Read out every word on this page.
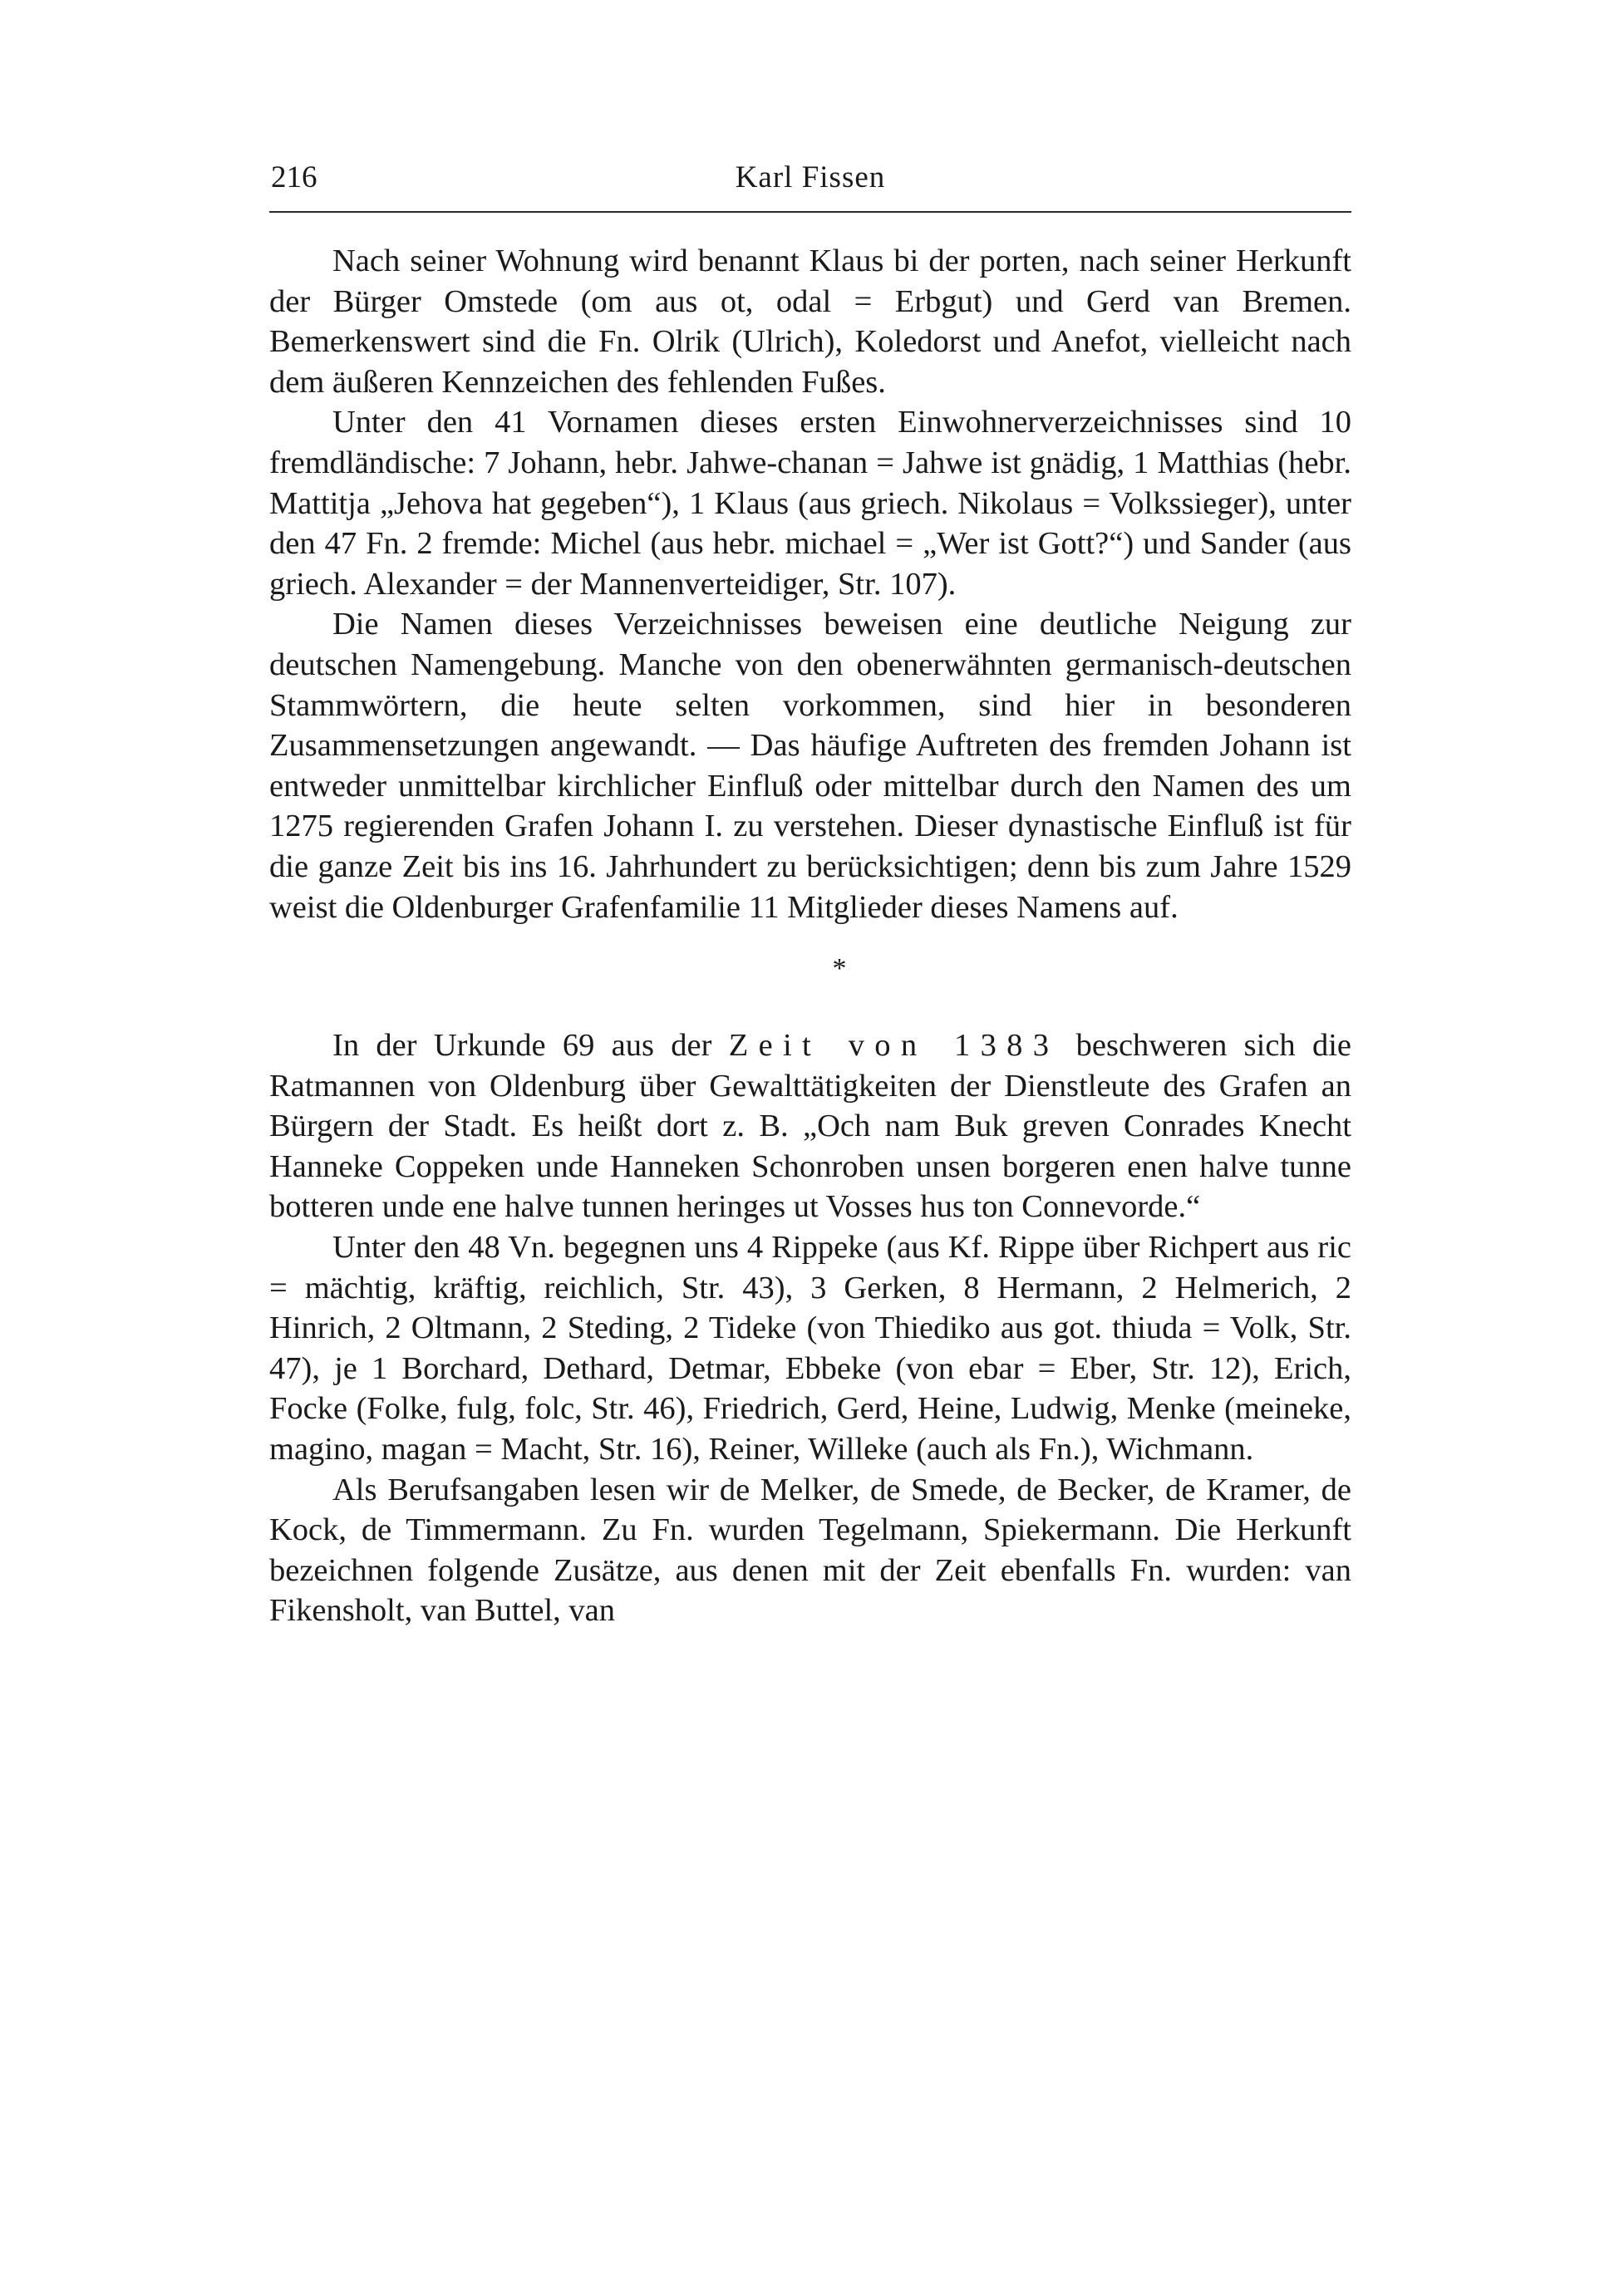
216	Karl Fissen

Nach seiner Wohnung wird benannt Klaus bi der porten, nach seiner Herkunft der Bürger Omstede (om aus ot, odal = Erbgut) und Gerd van Bremen. Bemerkenswert sind die Fn. Olrik (Ulrich), Koledorst und Anefot, vielleicht nach dem äußeren Kennzeichen des fehlenden Fußes.

Unter den 41 Vornamen dieses ersten Einwohnerverzeichnisses sind 10 fremdländische: 7 Johann, hebr. Jahwe-chanan = Jahwe ist gnädig, 1 Matthias (hebr. Mattitja „Jehova hat gegeben“), 1 Klaus (aus griech. Nikolaus = Volkssieger), unter den 47 Fn. 2 fremde: Michel (aus hebr. michael = „Wer ist Gott?“) und Sander (aus griech. Alexander = der Mannenverteidiger, Str. 107).

Die Namen dieses Verzeichnisses beweisen eine deutliche Neigung zur deutschen Namengebung. Manche von den obenerwähnten germanisch-deutschen Stammwörtern, die heute selten vorkommen, sind hier in besonderen Zusammensetzungen angewandt. — Das häufige Auftreten des fremden Johann ist entweder unmittelbar kirchlicher Einfluß oder mittelbar durch den Namen des um 1275 regierenden Grafen Johann I. zu verstehen. Dieser dynastische Einfluß ist für die ganze Zeit bis ins 16. Jahrhundert zu berücksichtigen; denn bis zum Jahre 1529 weist die Oldenburger Grafenfamilie 11 Mitglieder dieses Namens auf.

*

In der Urkunde 69 aus der Zeit von 1383 beschweren sich die Ratmannen von Oldenburg über Gewalttätigkeiten der Dienstleute des Grafen an Bürgern der Stadt. Es heißt dort z. B. „Och nam Buk greven Conrades Knecht Hanneke Coppeken unde Hanneken Schonroben unsen borgeren enen halve tunne botteren unde ene halve tunnen heringes ut Vosses hus ton Connevorde.“

Unter den 48 Vn. begegnen uns 4 Rippeke (aus Kf. Rippe über Richpert aus ric = mächtig, kräftig, reichlich, Str. 43), 3 Gerken, 8 Hermann, 2 Helmerich, 2 Hinrich, 2 Oltmann, 2 Steding, 2 Tideke (von Thiediko aus got. thiuda = Volk, Str. 47), je 1 Borchard, Dethard, Detmar, Ebbeke (von ebar = Eber, Str. 12), Erich, Focke (Folke, fulg, folc, Str. 46), Friedrich, Gerd, Heine, Ludwig, Menke (meineke, magino, magan = Macht, Str. 16), Reiner, Willeke (auch als Fn.), Wichmann.

Als Berufsangaben lesen wir de Melker, de Smede, de Becker, de Kramer, de Kock, de Timmermann. Zu Fn. wurden Tegelmann, Spiekermann. Die Herkunft bezeichnen folgende Zusätze, aus denen mit der Zeit ebenfalls Fn. wurden: van Fikensholt, van Buttel, van
